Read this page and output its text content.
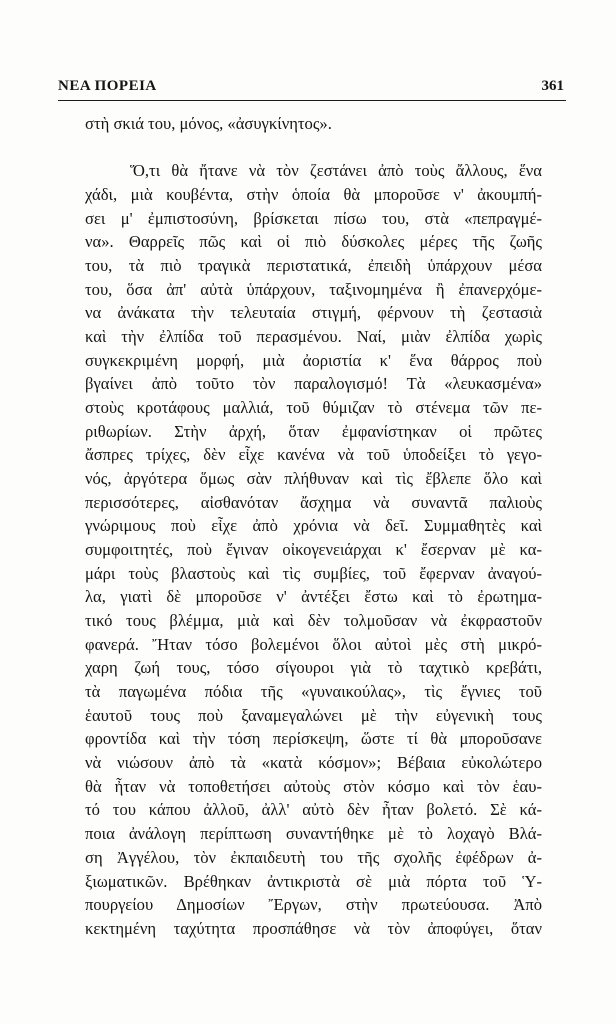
ΝΕΑ ΠΟΡΕΙΑ	361
στὴ σκιά του, μόνος, «ἀσυγκίνητος».
Ὅ,τι θὰ ἤτανε νὰ τὸν ζεστάνει ἀπὸ τοὺς ἄλλους, ἕνα
χάδι, μιὰ κουβέντα, στὴν ὁποία θὰ μποροῦσε ν' ἀκουμπή-
σει μ' ἐμπιστοσύνη, βρίσκεται πίσω του, στὰ «πεπραγμέ-
να». Θαρρεῖς πῶς καὶ οἱ πιὸ δύσκολες μέρες τῆς ζωῆς
του, τὰ πιὸ τραγικὰ περιστατικά, ἐπειδὴ ὑπάρχουν μέσα
του, ὅσα ἀπ' αὐτὰ ὑπάρχουν, ταξινομημένα ἢ ἐπανερχόμε-
να ἀνάκατα τὴν τελευταία στιγμή, φέρνουν τὴ ζεστασιὰ
καὶ τὴν ἐλπίδα τοῦ περασμένου. Ναί, μιὰν ἐλπίδα χωρὶς
συγκεκριμένη μορφή, μιὰ ἀοριστία κ' ἕνα θάρρος ποὺ
βγαίνει ἀπὸ τοῦτο τὸν παραλογισμό! Τὰ «λευκασμένα»
στοὺς κροτάφους μαλλιά, τοῦ θύμιζαν τὸ στένεμα τῶν πε-
ριθωρίων. Στὴν ἀρχή, ὅταν ἐμφανίστηκαν οἱ πρῶτες
ἄσπρες τρίχες, δὲν εἶχε κανένα νὰ τοῦ ὑποδείξει τὸ γεγο-
νός, ἀργότερα ὅμως σὰν πλήθυναν καὶ τὶς ἔβλεπε ὅλο καὶ
περισσότερες, αἰσθανόταν ἄσχημα νὰ συναντᾶ παλιοὺς
γνώριμους ποὺ εἶχε ἀπὸ χρόνια νὰ δεῖ. Συμμαθητὲς καὶ
συμφοιτητές, ποὺ ἔγιναν οἰκογενειάρχαι κ' ἔσερναν μὲ κα-
μάρι τοὺς βλαστοὺς καὶ τὶς συμβίες, τοῦ ἔφερναν ἀναγού-
λα, γιατὶ δὲ μποροῦσε ν' ἀντέξει ἔστω καὶ τὸ ἐρωτημα-
τικό τους βλέμμα, μιὰ καὶ δὲν τολμοῦσαν νὰ ἐκφραστοῦν
φανερά. Ἤταν τόσο βολεμένοι ὅλοι αὐτοὶ μὲς στὴ μικρό-
χαρη ζωή τους, τόσο σίγουροι γιὰ τὸ ταχτικὸ κρεβάτι,
τὰ παγωμένα πόδια τῆς «γυναικούλας», τὶς ἔγνιες τοῦ
ἑαυτοῦ τους ποὺ ξαναμεγαλώνει μὲ τὴν εὐγενικὴ τους
φροντίδα καὶ τὴν τόση περίσκεψη, ὥστε τί θὰ μποροῦσανε
νὰ νιώσουν ἀπὸ τὰ «κατὰ κόσμον»; Βέβαια εὐκολώτερο
θὰ ἦταν νὰ τοποθετήσει αὐτοὺς στὸν κόσμο καὶ τὸν ἑαυ-
τό του κάπου ἀλλοῦ, ἀλλ' αὐτὸ δὲν ἦταν βολετό. Σὲ κά-
ποια ἀνάλογη περίπτωση συναντήθηκε μὲ τὸ λοχαγὸ Βλά-
ση Ἀγγέλου, τὸν ἐκπαιδευτὴ του τῆς σχολῆς ἐφέδρων ἀ-
ξιωματικῶν. Βρέθηκαν ἀντικριστὰ σὲ μιὰ πόρτα τοῦ Ὑ-
πουργείου Δημοσίων Ἔργων, στὴν πρωτεύουσα. Ἀπὸ
κεκτημένη ταχύτητα προσπάθησε νὰ τὸν ἀποφύγει, ὅταν
